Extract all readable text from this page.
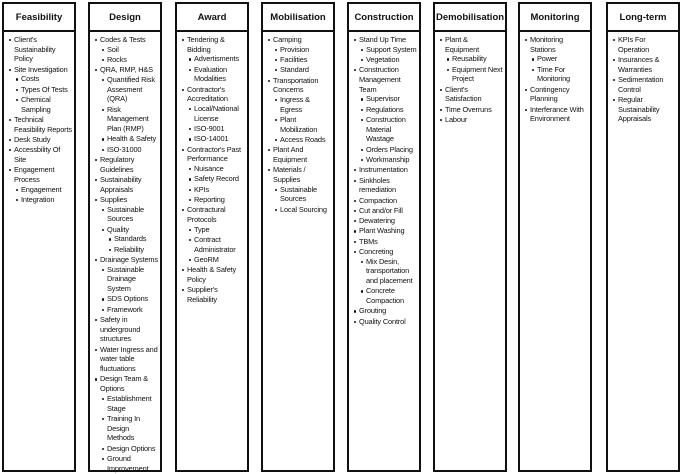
Feasibility
Client's Sustainability Policy
Site Investigation
Costs
Types Of Tests
Chemical Sampling
Technical Feasibility Reports
Desk Study
Accessbility Of Site
Engagement Process
Engagement
Integration
Design
Codes & Tests
Soil
Rocks
QRA, RMP, H&S
Quantified Risk Assesment (QRA)
Risk Management Plan (RMP)
Health & Safety
ISO-31000
Regulatory Guidelines
Sustainability Appraisals
Supplies
Sustainable Sources
Quality
Standards
Reliability
Drainage Systems
Sustainable Drainage System
SDS Options
Framework
Safety in underground structures
Water Ingress and water table fluctuations
Design Team & Options
Establishment Stage
Training In Design Methods
Design Options
Ground Improvement
Award
Tendering & Bidding
Advertisments
Evaluation Modalities
Contractor's Accreditation
Local/National License
ISO-9001
ISO-14001
Contractor's Past Performance
Nuisance
Safety Record
KPIs
Reporting
Contractural Protocols
Type
Contract Administrator
GeoRM
Health & Safety Policy
Supplier's Reliability
Mobilisation
Camping
Provision
Facilities
Standard
Transportation Concerns
Ingress & Egress
Plant Mobilization
Access Roads
Plant And Equipment
Materials / Supplies
Sustainable Sources
Local Sourcing
Construction
Stand Up Time
Support System
Vegetation
Construction Management Team
Supervisor
Regulations
Construction Material Wastage
Orders Placing
Workmanship
Instrumentation
Sinkholes remediation
Compaction
Cut and/or Fill
Dewatering
Plant Washing
TBMs
Concreting
Mix Desin, transportation and placement
Concrete Compaction
Grouting
Quality Control
Demobilisation
Plant & Equipment
Reusability
Equipment Next Project
Client's Satisfaction
Time Overruns
Labour
Monitoring
Monitoring Stations
Power
Time For Monitoring
Contingency Planning
Interferance With Environment
Long-term
KPIs For Operation
Insurances & Warranties
Sedimentation Control
Regular Sustainability Appraisals
